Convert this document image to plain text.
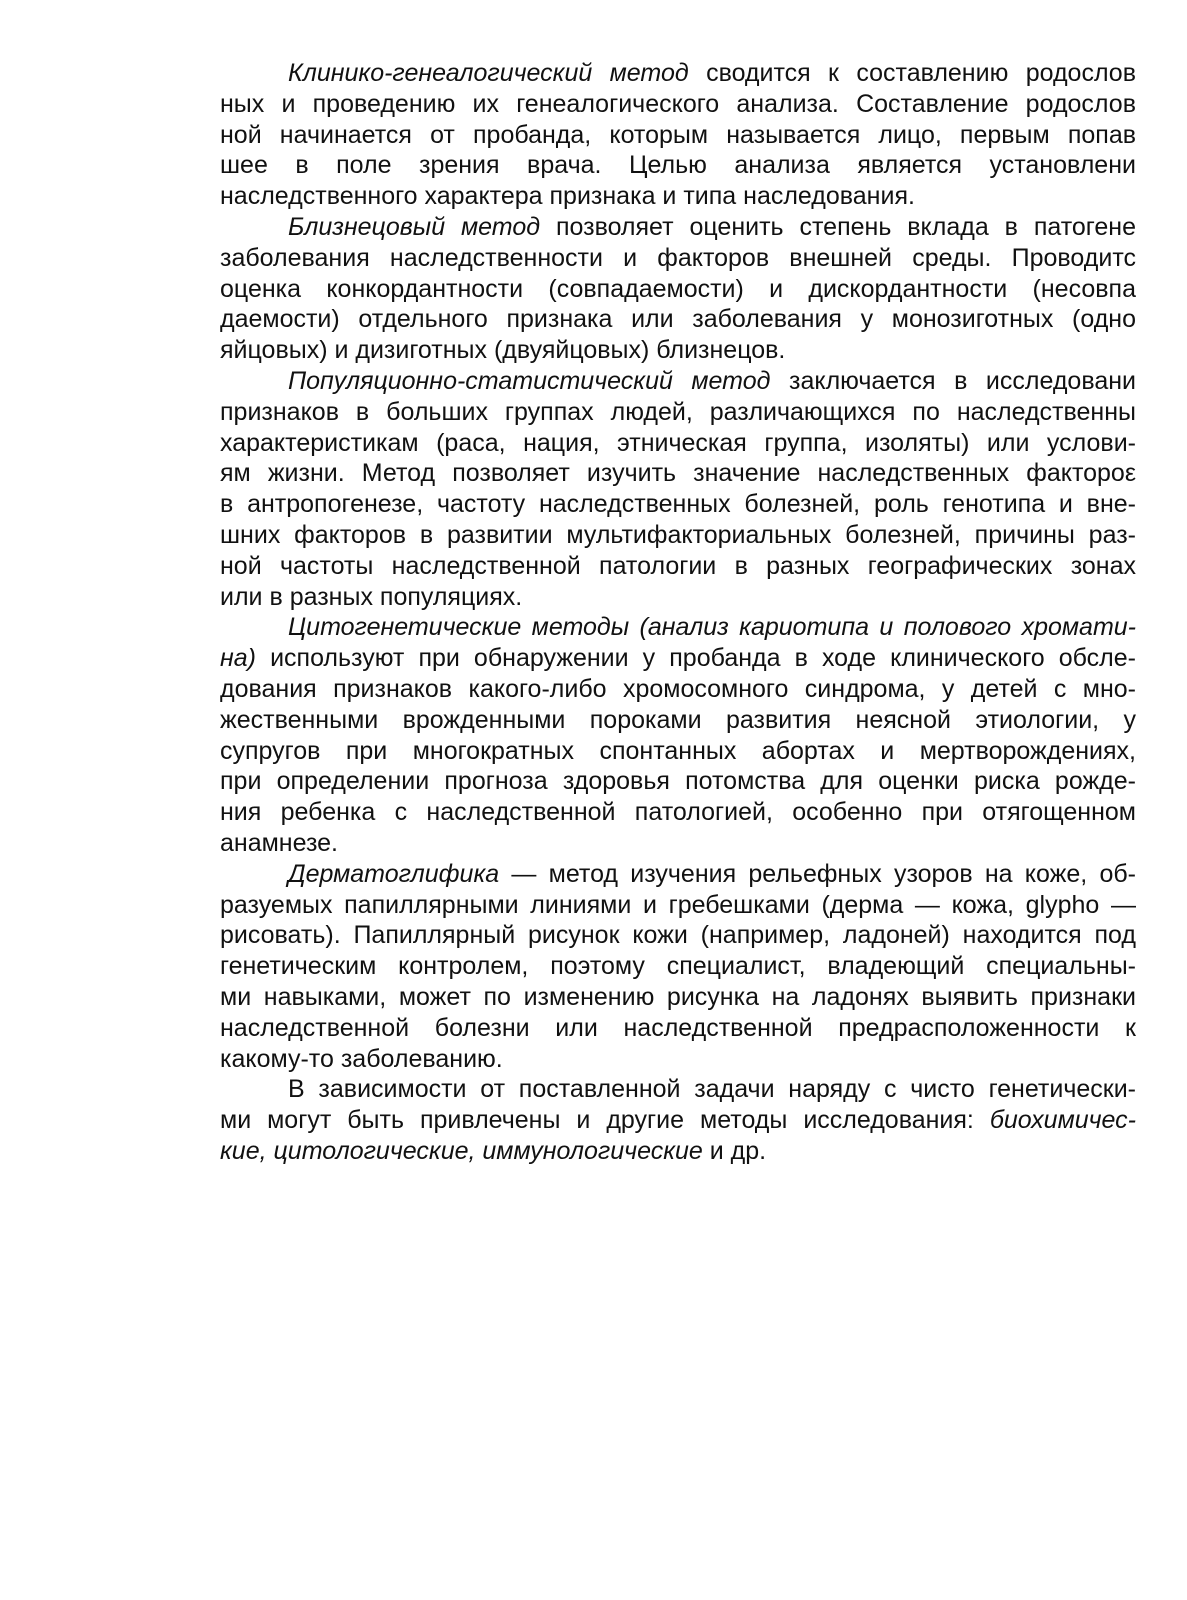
Клинико-генеалогический метод сводится к составлению родослов
ных и проведению их генеалогического анализа. Составление родослов
ной начинается от пробанда, которым называется лицо, первым попав
шее в поле зрения врача. Целью анализа является установлени
наследственного характера признака и типа наследования.
Близнецовый метод позволяет оценить степень вклада в патогене
заболевания наследственности и факторов внешней среды. Проводитс
оценка конкордантности (совпадаемости) и дискордантности (несовпа
даемости) отдельного признака или заболевания у монозиготных (одно
яйцовых) и дизиготных (двуяйцовых) близнецов.
Популяционно-статистический метод заключается в исследовани
признаков в больших группах людей, различающихся по наследственны
характеристикам (раса, нация, этническая группа, изоляты) или услови-
ям жизни. Метод позволяет изучить значение наследственных фактороε
в антропогенезе, частоту наследственных болезней, роль генотипа и вне-
шних факторов в развитии мультифакториальных болезней, причины раз-
ной частоты наследственной патологии в разных географических зонах
или в разных популяциях.
Цитогенетические методы (анализ кариотипа и полового хромати-
на) используют при обнаружении у пробанда в ходе клинического обсле-
дования признаков какого-либо хромосомного синдрома, у детей с мно-
жественными врожденными пороками развития неясной этиологии, у
супругов при многократных спонтанных абортах и мертворождениях,
при определении прогноза здоровья потомства для оценки риска рожде-
ния ребенка с наследственной патологией, особенно при отягощенном
анамнезе.
Дерматоглифика — метод изучения рельефных узоров на коже, об-
разуемых папиллярными линиями и гребешками (дерма — кожа, glypho —
рисовать). Папиллярный рисунок кожи (например, ладоней) находится под
генетическим контролем, поэтому специалист, владеющий специальны-
ми навыками, может по изменению рисунка на ладонях выявить признаки
наследственной болезни или наследственной предрасположенности к
какому-то заболеванию.
В зависимости от поставленной задачи наряду с чисто генетически-
ми могут быть привлечены и другие методы исследования: биохимичес-
кие, цитологические, иммунологические и др.
